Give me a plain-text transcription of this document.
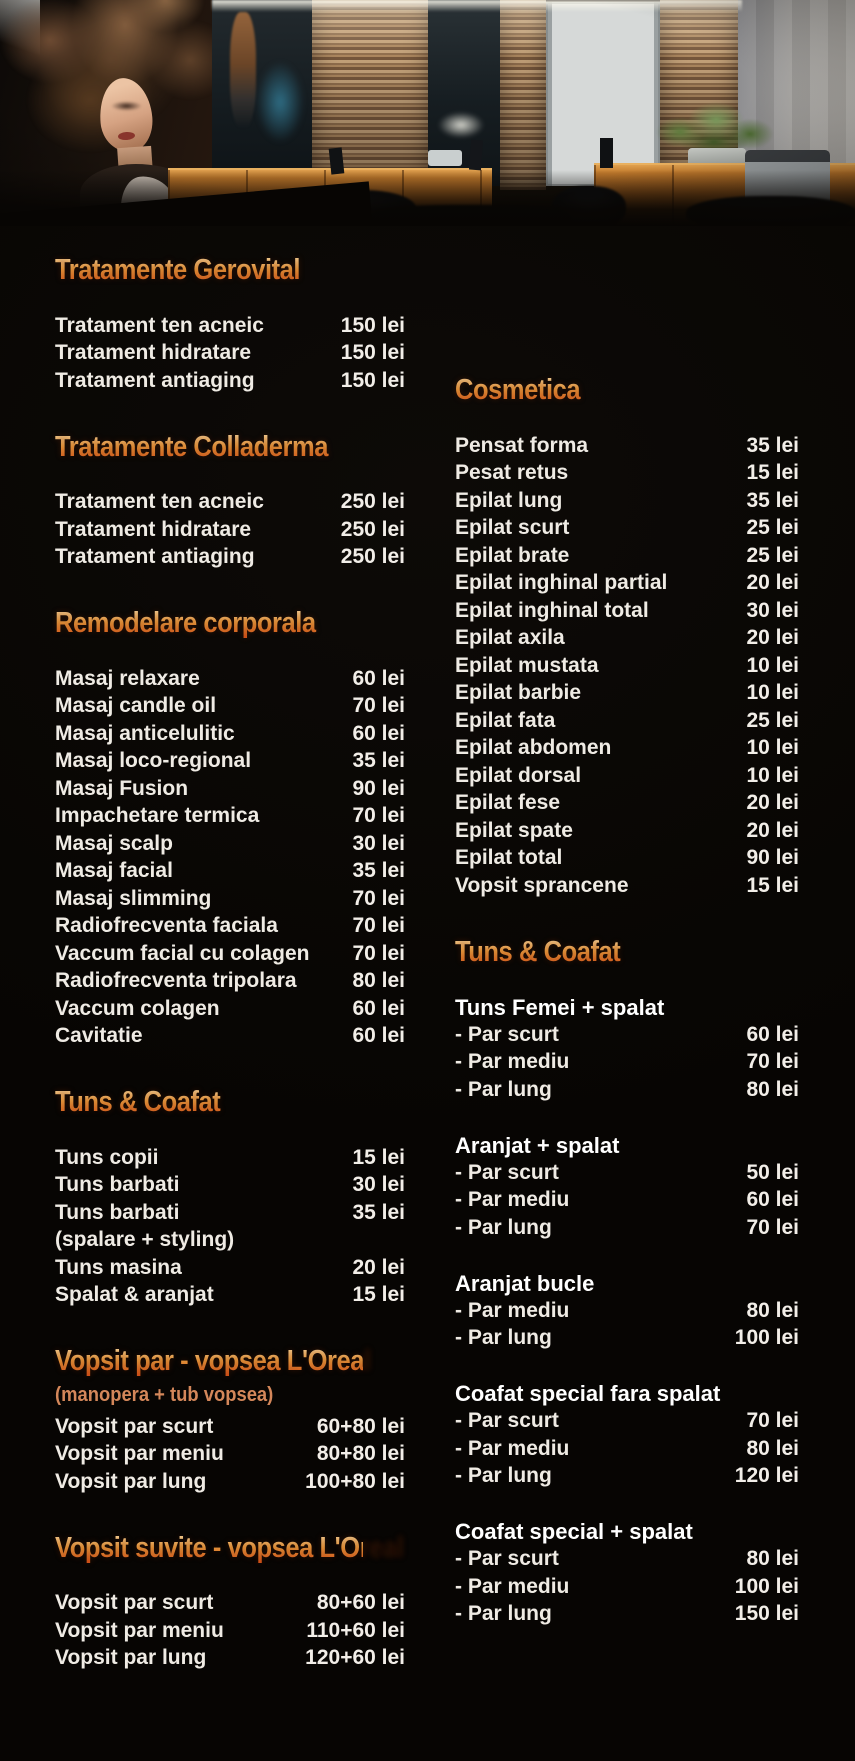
Tratamente Gerovital
Tratament ten acneic	150 lei
Tratament hidratare	150 lei
Tratament antiaging	150 lei
Tratamente Colladerma
Tratament ten acneic	250 lei
Tratament hidratare	250 lei
Tratament antiaging	250 lei
Remodelare corporala
Masaj relaxare	60 lei
Masaj candle oil	70 lei
Masaj anticelulitic	60 lei
Masaj loco-regional	35 lei
Masaj Fusion	90 lei
Impachetare termica	70 lei
Masaj scalp	30 lei
Masaj facial	35 lei
Masaj slimming	70 lei
Radiofrecventa faciala	70 lei
Vaccum facial cu colagen 70 lei
Radiofrecventa tripolara	80 lei
Vaccum colagen	60 lei
Cavitatie	60 lei
Tuns & Coafat
Tuns copii	15 lei
Tuns barbati	30 lei
Tuns barbati	35 lei
(spalare + styling)
Tuns masina	20 lei
Spalat & aranjat	15 lei
Vopsit par - vopsea L'Oreal
(manopera + tub vopsea)
Vopsit par scurt	60+80 lei
Vopsit par meniu	80+80 lei
Vopsit par lung	100+80 lei
Vopsit suvite - vopsea L'Oreal
Vopsit par scurt	80+60 lei
Vopsit par meniu	110+60 lei
Vopsit par lung	120+60 lei
Cosmetica
Pensat forma	35 lei
Pesat retus	15 lei
Epilat lung	35 lei
Epilat scurt	25 lei
Epilat brate	25 lei
Epilat inghinal partial	20 lei
Epilat inghinal total	30 lei
Epilat axila	20 lei
Epilat mustata	10 lei
Epilat barbie	10 lei
Epilat fata	25 lei
Epilat abdomen	10 lei
Epilat dorsal	10 lei
Epilat fese	20 lei
Epilat spate	20 lei
Epilat total	90 lei
Vopsit sprancene	15 lei
Tuns & Coafat
Tuns Femei + spalat
- Par scurt	60 lei
- Par mediu	70 lei
- Par lung	80 lei
Aranjat + spalat
- Par scurt	50 lei
- Par mediu	60 lei
- Par lung	70 lei
Aranjat bucle
- Par mediu	80 lei
- Par lung	100 lei
Coafat special fara spalat
- Par scurt	70 lei
- Par mediu	80 lei
- Par lung	120 lei
Coafat special + spalat
- Par scurt	80 lei
- Par mediu	100 lei
- Par lung	150 lei
